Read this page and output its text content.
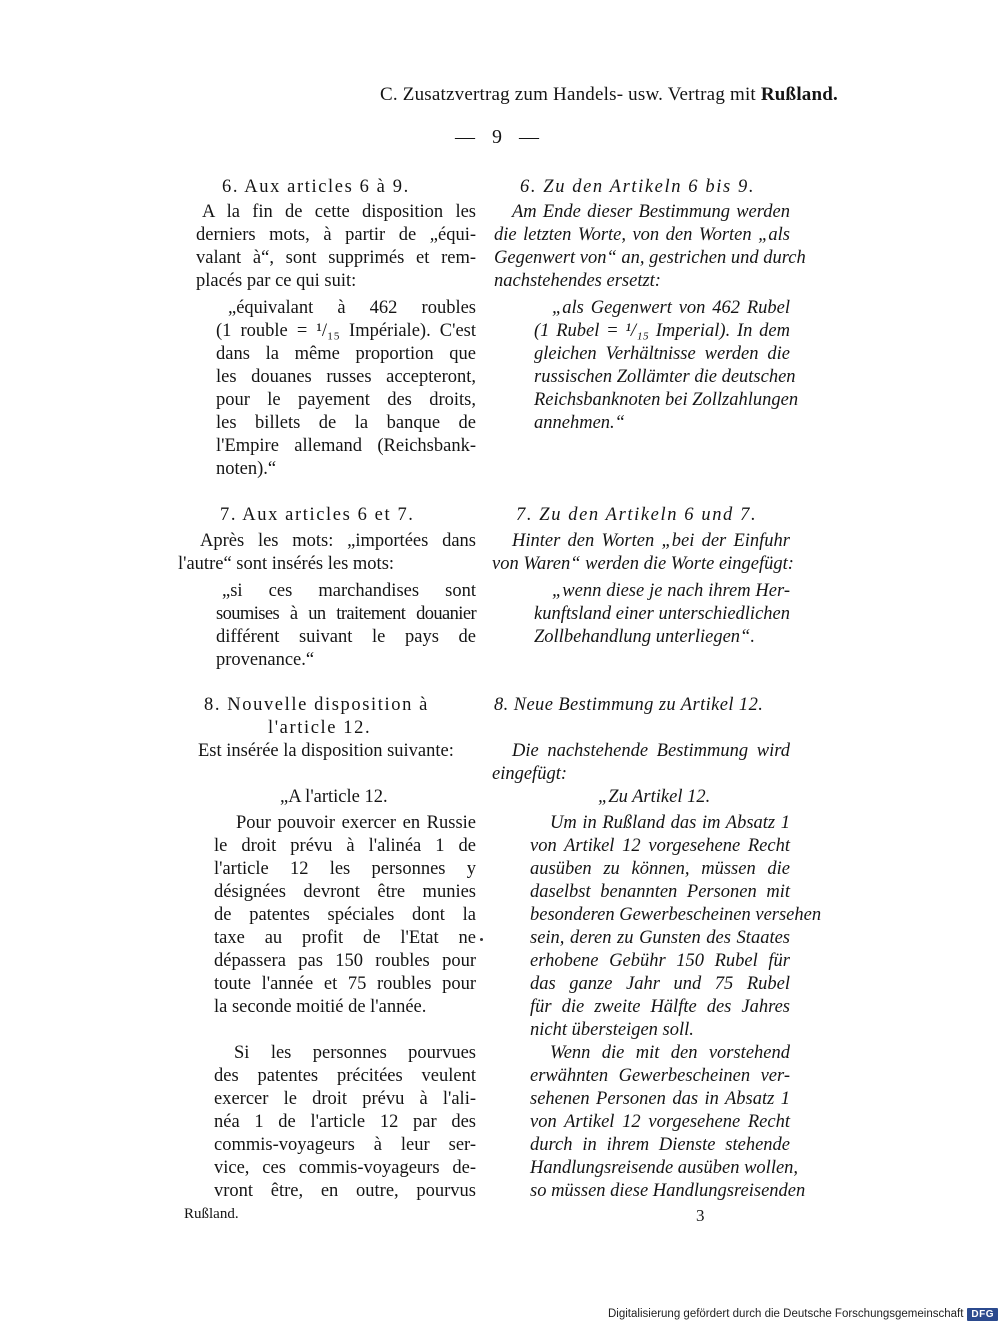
C. Zusatzvertrag zum Handels- usw. Vertrag mit Rußland.
— 9 —
6. Aux articles 6 à 9.
A la fin de cette disposition les
derniers mots, à partir de „équi-
valant à“, sont supprimés et rem-
placés par ce qui suit:
„équivalant à 462 roubles
(1 rouble = ¹/₁₅ Impériale). C'est
dans la même proportion que
les douanes russes accepteront,
pour le payement des droits,
les billets de la banque de
l'Empire allemand (Reichsbank-
noten).“
7. Aux articles 6 et 7.
Après les mots: „importées dans
l'autre“ sont insérés les mots:
„si ces marchandises sont
soumises à un traitement douanier
différent suivant le pays de
provenance.“
8. Nouvelle disposition à
l'article 12.
Est insérée la disposition suivante:
„A l'article 12.
Pour pouvoir exercer en Russie
le droit prévu à l'alinéa 1 de
l'article 12 les personnes y
désignées devront être munies
de patentes spéciales dont la
taxe au profit de l'Etat ne
dépassera pas 150 roubles pour
toute l'année et 75 roubles pour
la seconde moitié de l'année.
Si les personnes pourvues
des patentes précitées veulent
exercer le droit prévu à l'ali-
néa 1 de l'article 12 par des
commis-voyageurs à leur ser-
vice, ces commis-voyageurs de-
vront être, en outre, pourvus
6. Zu den Artikeln 6 bis 9.
Am Ende dieser Bestimmung werden
die letzten Worte, von den Worten „als
Gegenwert von“ an, gestrichen und durch
nachstehendes ersetzt:
„als Gegenwert von 462 Rubel
(1 Rubel = ¹/₁₅ Imperial). In dem
gleichen Verhältnisse werden die
russischen Zollämter die deutschen
Reichsbanknoten bei Zollzahlungen
annehmen.“
7. Zu den Artikeln 6 und 7.
Hinter den Worten „bei der Einfuhr
von Waren“ werden die Worte eingefügt:
„wenn diese je nach ihrem Her-
kunftsland einer unterschiedlichen
Zollbehandlung unterliegen“.
8. Neue Bestimmung zu Artikel 12.
Die nachstehende Bestimmung wird
eingefügt:
„Zu Artikel 12.
Um in Rußland das im Absatz 1
von Artikel 12 vorgesehene Recht
ausüben zu können, müssen die
daselbst benannten Personen mit
besonderen Gewerbescheinen versehen
sein, deren zu Gunsten des Staates
erhobene Gebühr 150 Rubel für
das ganze Jahr und 75 Rubel
für die zweite Hälfte des Jahres
nicht übersteigen soll.
Wenn die mit den vorstehend
erwähnten Gewerbescheinen ver-
sehenen Personen das in Absatz 1
von Artikel 12 vorgesehene Recht
durch in ihrem Dienste stehende
Handlungsreisende ausüben wollen,
so müssen diese Handlungsreisenden
Rußland.	3
Digitalisierung gefördert durch die Deutsche Forschungsgemeinschaft DFG
